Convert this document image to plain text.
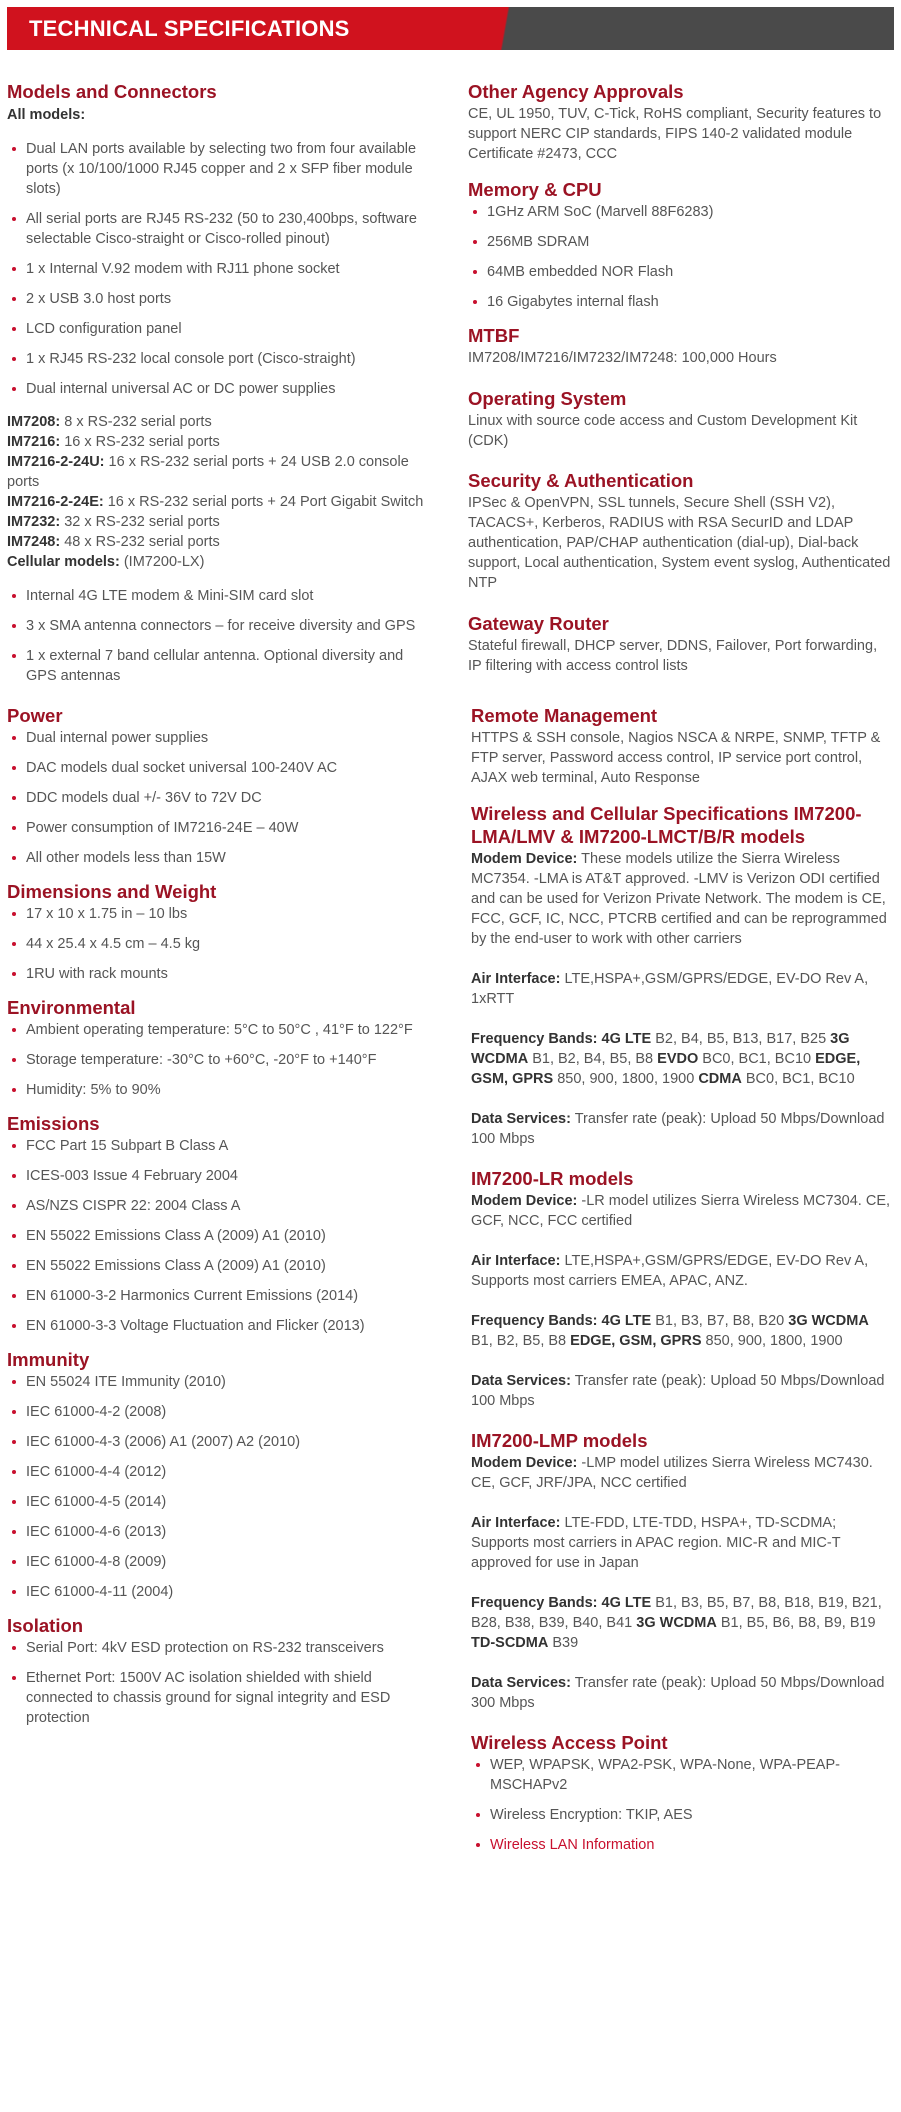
TECHNICAL SPECIFICATIONS
Models and Connectors

All models:

Dual LAN ports available by selecting two from four available ports (x 10/100/1000 RJ45 copper and 2 x SFP fiber module slots)
All serial ports are RJ45 RS-232 (50 to 230,400bps, software selectable Cisco-straight or Cisco-rolled pinout)
1 x Internal V.92 modem with RJ11 phone socket
2 x USB 3.0 host ports
LCD configuration panel
1 x RJ45 RS-232 local console port (Cisco-straight)
Dual internal universal AC or DC power supplies

IM7208: 8 x RS-232 serial ports

IM7216: 16 x RS-232 serial ports

IM7216-2-24U: 16 x RS-232 serial ports + 24 USB 2.0 console ports

IM7216-2-24E: 16 x RS-232 serial ports + 24 Port Gigabit Switch

IM7232: 32 x RS-232 serial ports

IM7248: 48 x RS-232 serial ports

Cellular models: (IM7200-LX)

Internal 4G LTE modem & Mini-SIM card slot
3 x SMA antenna connectors – for receive diversity and GPS
1 x external 7 band cellular antenna. Optional diversity and GPS antennas
Power
Dual internal power supplies
DAC models dual socket universal 100-240V AC
DDC models dual +/- 36V to 72V DC
Power consumption of IM7216-24E – 40W
All other models less than 15W
Dimensions and Weight
17 x 10 x 1.75 in – 10 lbs
44 x 25.4 x 4.5 cm – 4.5 kg
1RU with rack mounts
Environmental
Ambient operating temperature: 5°C to 50°C , 41°F to 122°F
Storage temperature: -30°C to +60°C, -20°F to +140°F
Humidity: 5% to 90%
Emissions
FCC Part 15 Subpart B Class A
ICES-003 Issue 4 February 2004
AS/NZS CISPR 22: 2004 Class A
EN 55022 Emissions Class A (2009) A1 (2010)
EN 55022 Emissions Class A (2009) A1 (2010)
EN 61000-3-2 Harmonics Current Emissions (2014)
EN 61000-3-3 Voltage Fluctuation and Flicker (2013)
Immunity
EN 55024 ITE Immunity (2010)
IEC 61000-4-2 (2008)
IEC 61000-4-3 (2006) A1 (2007) A2 (2010)
IEC 61000-4-4 (2012)
IEC 61000-4-5 (2014)
IEC 61000-4-6 (2013)
IEC 61000-4-8 (2009)
IEC 61000-4-11 (2004)
Isolation
Serial Port: 4kV ESD protection on RS-232 transceivers
Ethernet Port: 1500V AC isolation shielded with shield connected to chassis ground for signal integrity and ESD protection
Other Agency Approvals

CE, UL 1950, TUV, C-Tick, RoHS compliant, Security features to support NERC CIP standards, FIPS 140-2 validated module Certificate #2473, CCC

Memory & CPU
1GHz ARM SoC (Marvell 88F6283)
256MB SDRAM
64MB embedded NOR Flash
16 Gigabytes internal flash
MTBF

IM7208/IM7216/IM7232/IM7248: 100,000 Hours

Operating System

Linux with source code access and Custom Development Kit (CDK)

Security & Authentication

IPSec & OpenVPN, SSL tunnels, Secure Shell (SSH V2), TACACS+, Kerberos, RADIUS with RSA SecurID and LDAP authentication, PAP/CHAP authentication (dial-up), Dial-back support, Local authentication, System event syslog, Authenticated NTP

Gateway Router

Stateful firewall, DHCP server, DDNS, Failover, Port forwarding, IP filtering with access control lists

Remote Management

HTTPS & SSH console, Nagios NSCA & NRPE, SNMP, TFTP & FTP server, Password access control, IP service port control, AJAX web terminal, Auto Response

Wireless and Cellular Specifications IM7200-LMA/LMV & IM7200-LMCT/B/R models

Modem Device: These models utilize the Sierra Wireless MC7354. -LMA is AT&T approved. -LMV is Verizon ODI certified and can be used for Verizon Private Network. The modem is CE, FCC, GCF, IC, NCC, PTCRB certified and can be reprogrammed by the end-user to work with other carriers

Air Interface: LTE,HSPA+,GSM/GPRS/EDGE, EV-DO Rev A, 1xRTT

Frequency Bands: 4G LTE B2, B4, B5, B13, B17, B25 3G WCDMA B1, B2, B4, B5, B8 EVDO BC0, BC1, BC10 EDGE, GSM, GPRS 850, 900, 1800, 1900 CDMA BC0, BC1, BC10

Data Services: Transfer rate (peak): Upload 50 Mbps/Download 100 Mbps

IM7200-LR models

Modem Device: -LR model utilizes Sierra Wireless MC7304. CE, GCF, NCC, FCC certified

Air Interface: LTE,HSPA+,GSM/GPRS/EDGE, EV-DO Rev A, Supports most carriers EMEA, APAC, ANZ.

Frequency Bands: 4G LTE B1, B3, B7, B8, B20 3G WCDMA B1, B2, B5, B8 EDGE, GSM, GPRS 850, 900, 1800, 1900

Data Services: Transfer rate (peak): Upload 50 Mbps/Download 100 Mbps

IM7200-LMP models

Modem Device: -LMP model utilizes Sierra Wireless MC7430. CE, GCF, JRF/JPA, NCC certified

Air Interface: LTE-FDD, LTE-TDD, HSPA+, TD-SCDMA; Supports most carriers in APAC region. MIC-R and MIC-T approved for use in Japan

Frequency Bands: 4G LTE B1, B3, B5, B7, B8, B18, B19, B21, B28, B38, B39, B40, B41 3G WCDMA B1, B5, B6, B8, B9, B19 TD-SCDMA B39

Data Services: Transfer rate (peak): Upload 50 Mbps/Download 300 Mbps

Wireless Access Point
WEP, WPAPSK, WPA2-PSK, WPA-None, WPA-PEAP-MSCHAPv2
Wireless Encryption: TKIP, AES
Wireless LAN Information
